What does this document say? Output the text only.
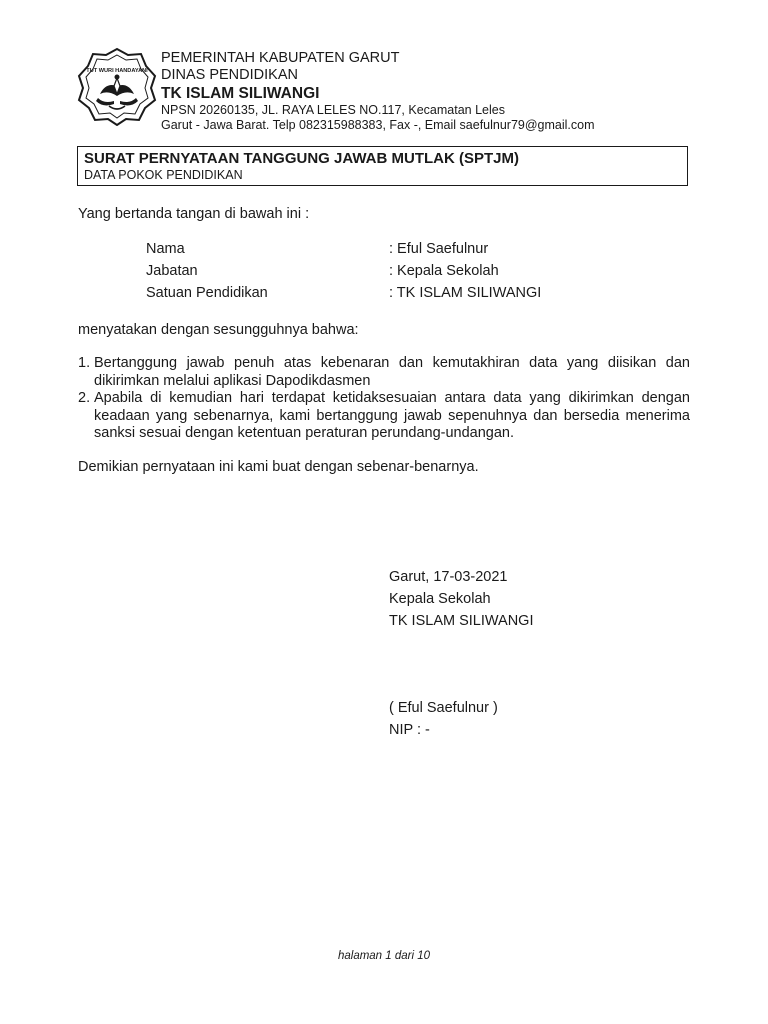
TUT WURI HANDAYANI
PEMERINTAH KABUPATEN GARUT
DINAS PENDIDIKAN
TK ISLAM SILIWANGI
NPSN 20260135, JL. RAYA LELES NO.117, Kecamatan Leles
Garut - Jawa Barat. Telp 082315988383, Fax -, Email saefulnur79@gmail.com
SURAT PERNYATAAN TANGGUNG JAWAB MUTLAK (SPTJM)
DATA POKOK PENDIDIKAN
Yang bertanda tangan di bawah ini :
Nama	: Eful Saefulnur
Jabatan	: Kepala Sekolah
Satuan Pendidikan	: TK ISLAM SILIWANGI
menyatakan dengan sesungguhnya bahwa:

1. Bertanggung jawab penuh atas kebenaran dan kemutakhiran data yang diisikan dan dikirimkan melalui aplikasi Dapodikdasmen

2. Apabila di kemudian hari terdapat ketidaksesuaian antara data yang dikirimkan dengan keadaan yang sebenarnya, kami bertanggung jawab sepenuhnya dan bersedia menerima sanksi sesuai dengan ketentuan peraturan perundang-undangan.

Demikian pernyataan ini kami buat dengan sebenar-benarnya.
Garut, 17-03-2021
Kepala Sekolah
TK ISLAM SILIWANGI
( Eful Saefulnur )
NIP : -
halaman 1 dari 10
